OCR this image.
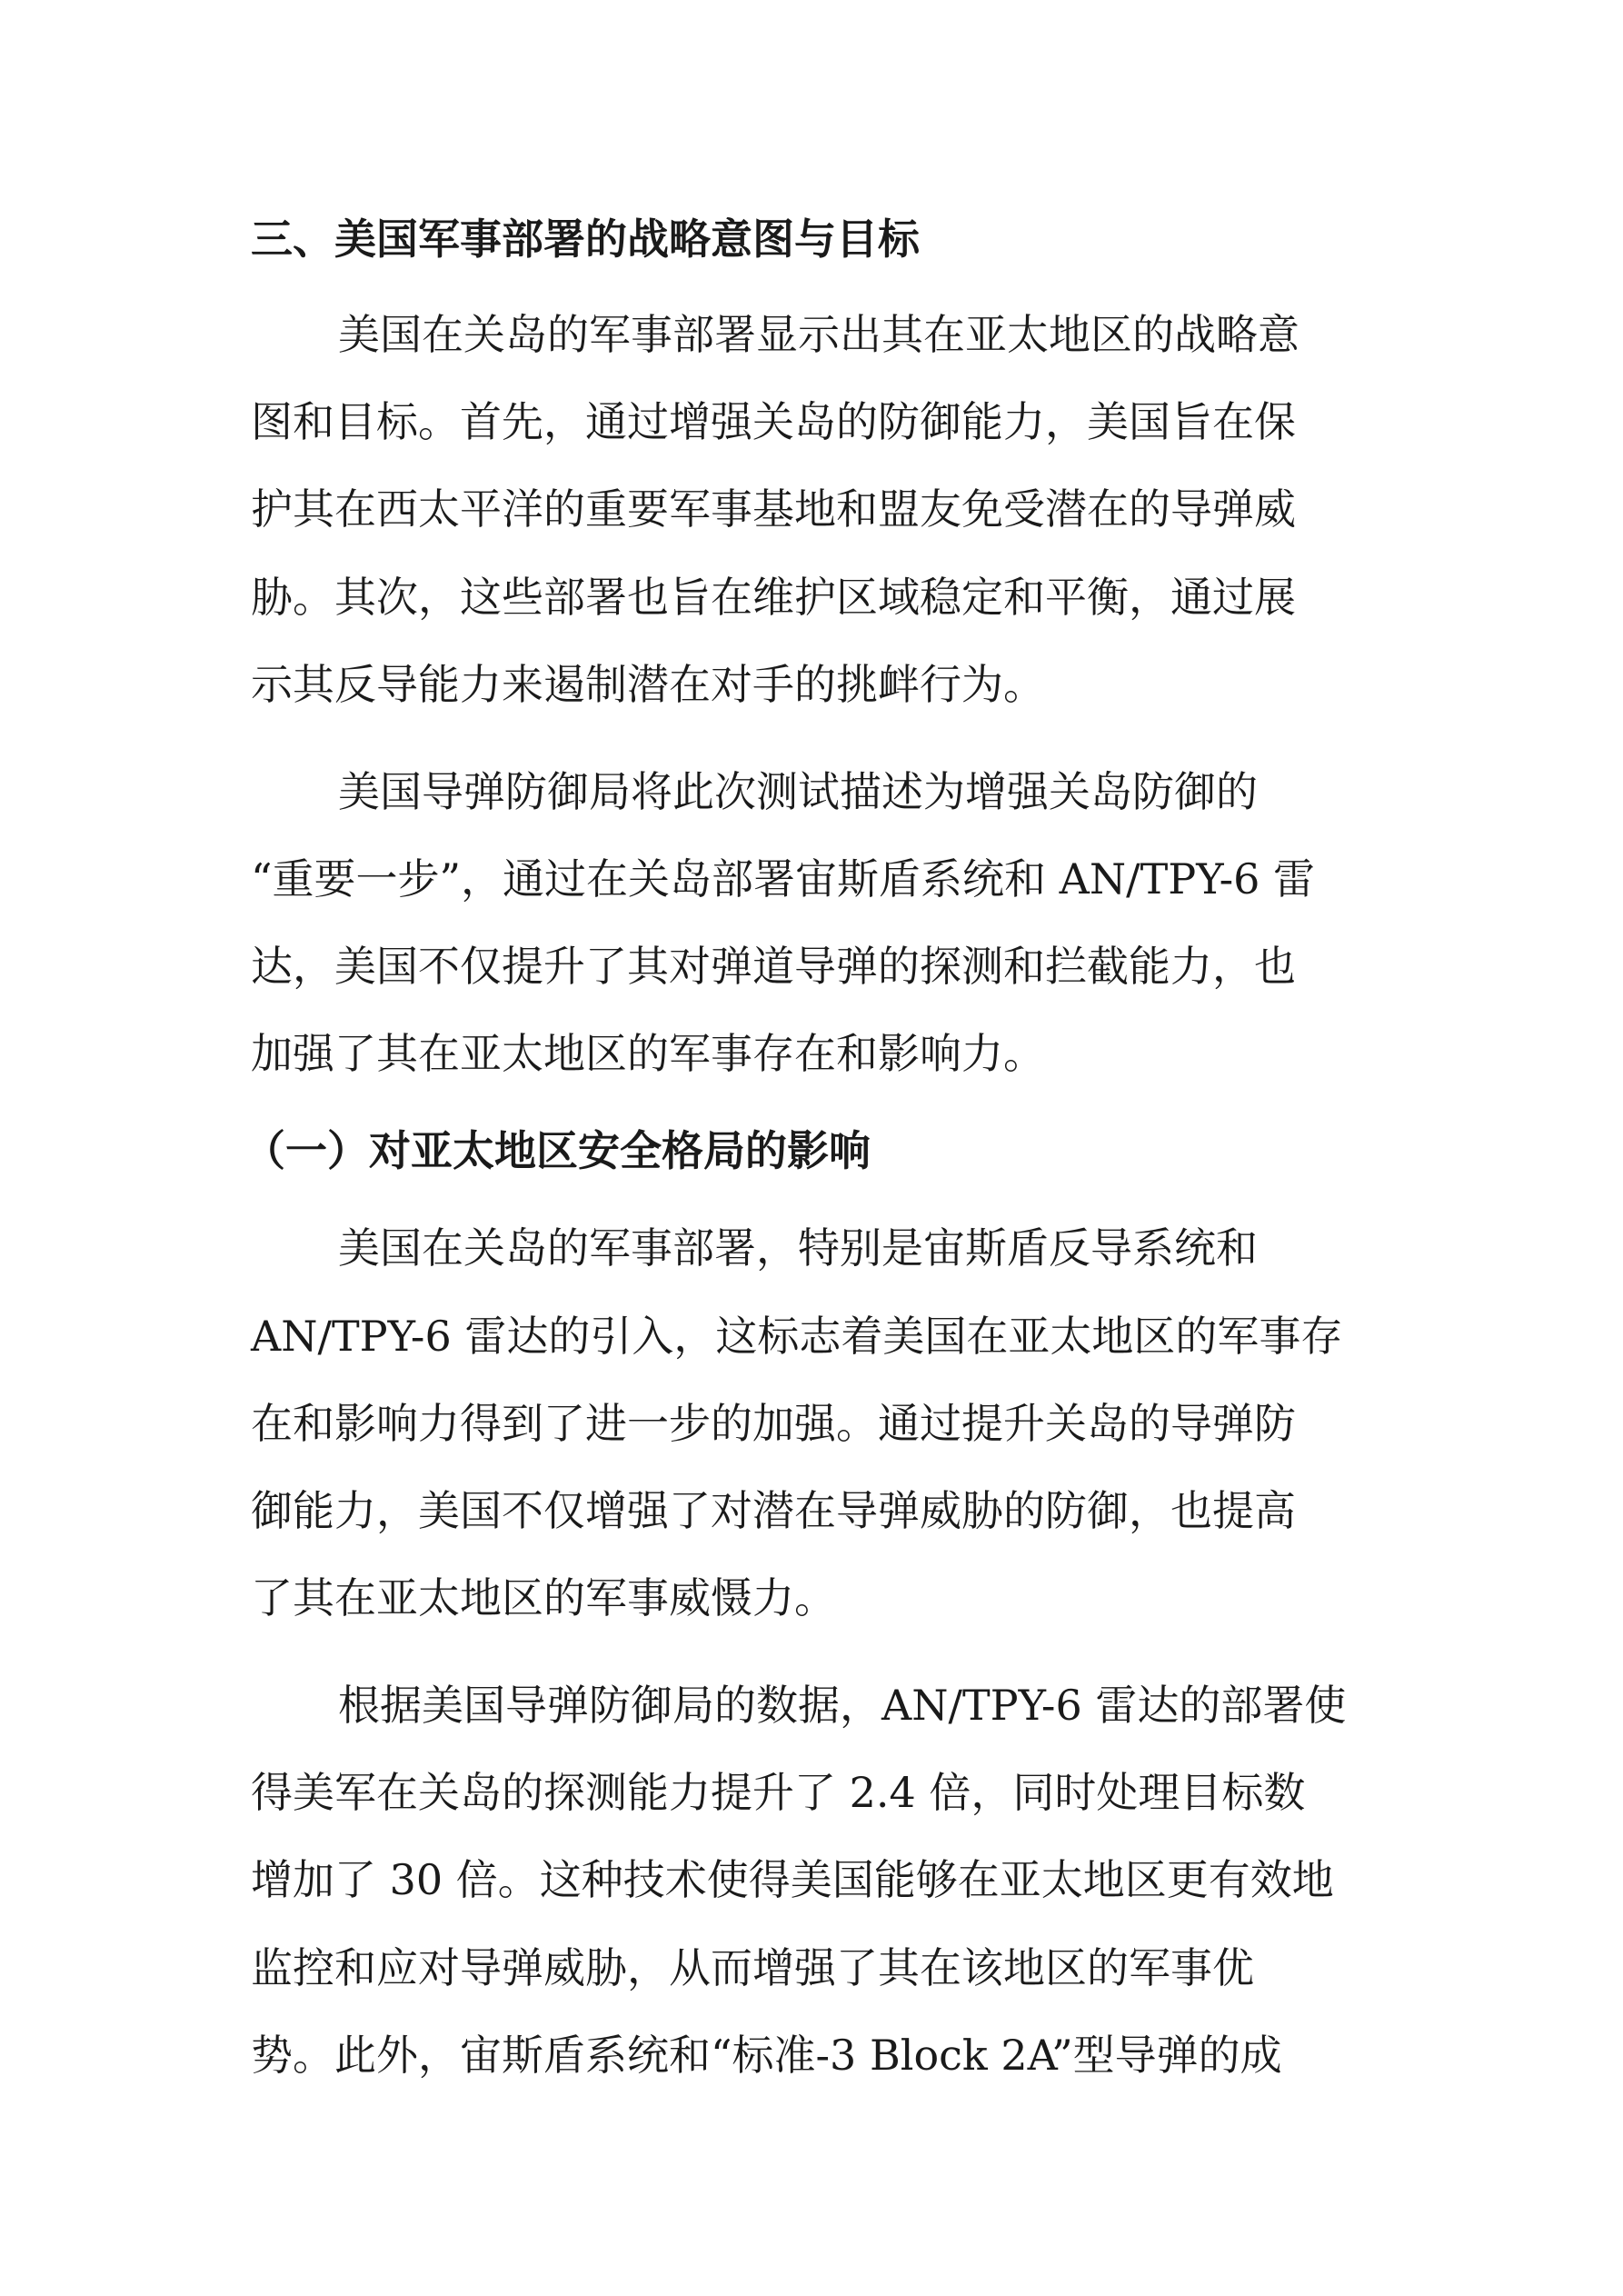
三、美国军事部署的战略意图与目标

美国在关岛的军事部署显示出其在亚太地区的战略意

图和目标。首先，通过增强关岛的防御能力，美国旨在保

护其在西太平洋的重要军事基地和盟友免受潜在的导弹威

胁。其次，这些部署也旨在维护区域稳定和平衡，通过展

示其反导能力来遏制潜在对手的挑衅行为。

美国导弹防御局将此次测试描述为增强关岛防御的

“重要一步”，通过在关岛部署宙斯盾系统和 AN/TPY-6 雷

达，美国不仅提升了其对弹道导弹的探测和拦截能力，也

加强了其在亚太地区的军事存在和影响力。

（一）对亚太地区安全格局的影响

美国在关岛的军事部署，特别是宙斯盾反导系统和

AN/TPY-6 雷达的引入，这标志着美国在亚太地区的军事存

在和影响力得到了进一步的加强。通过提升关岛的导弹防

御能力，美国不仅增强了对潜在导弹威胁的防御，也提高

了其在亚太地区的军事威慑力。

根据美国导弹防御局的数据，AN/TPY-6 雷达的部署使

得美军在关岛的探测能力提升了 2.4 倍，同时处理目标数

增加了 30 倍。这种技术使得美国能够在亚太地区更有效地

监控和应对导弹威胁，从而增强了其在该地区的军事优

势。此外，宙斯盾系统和“标准-3 Block 2A”型导弹的成
